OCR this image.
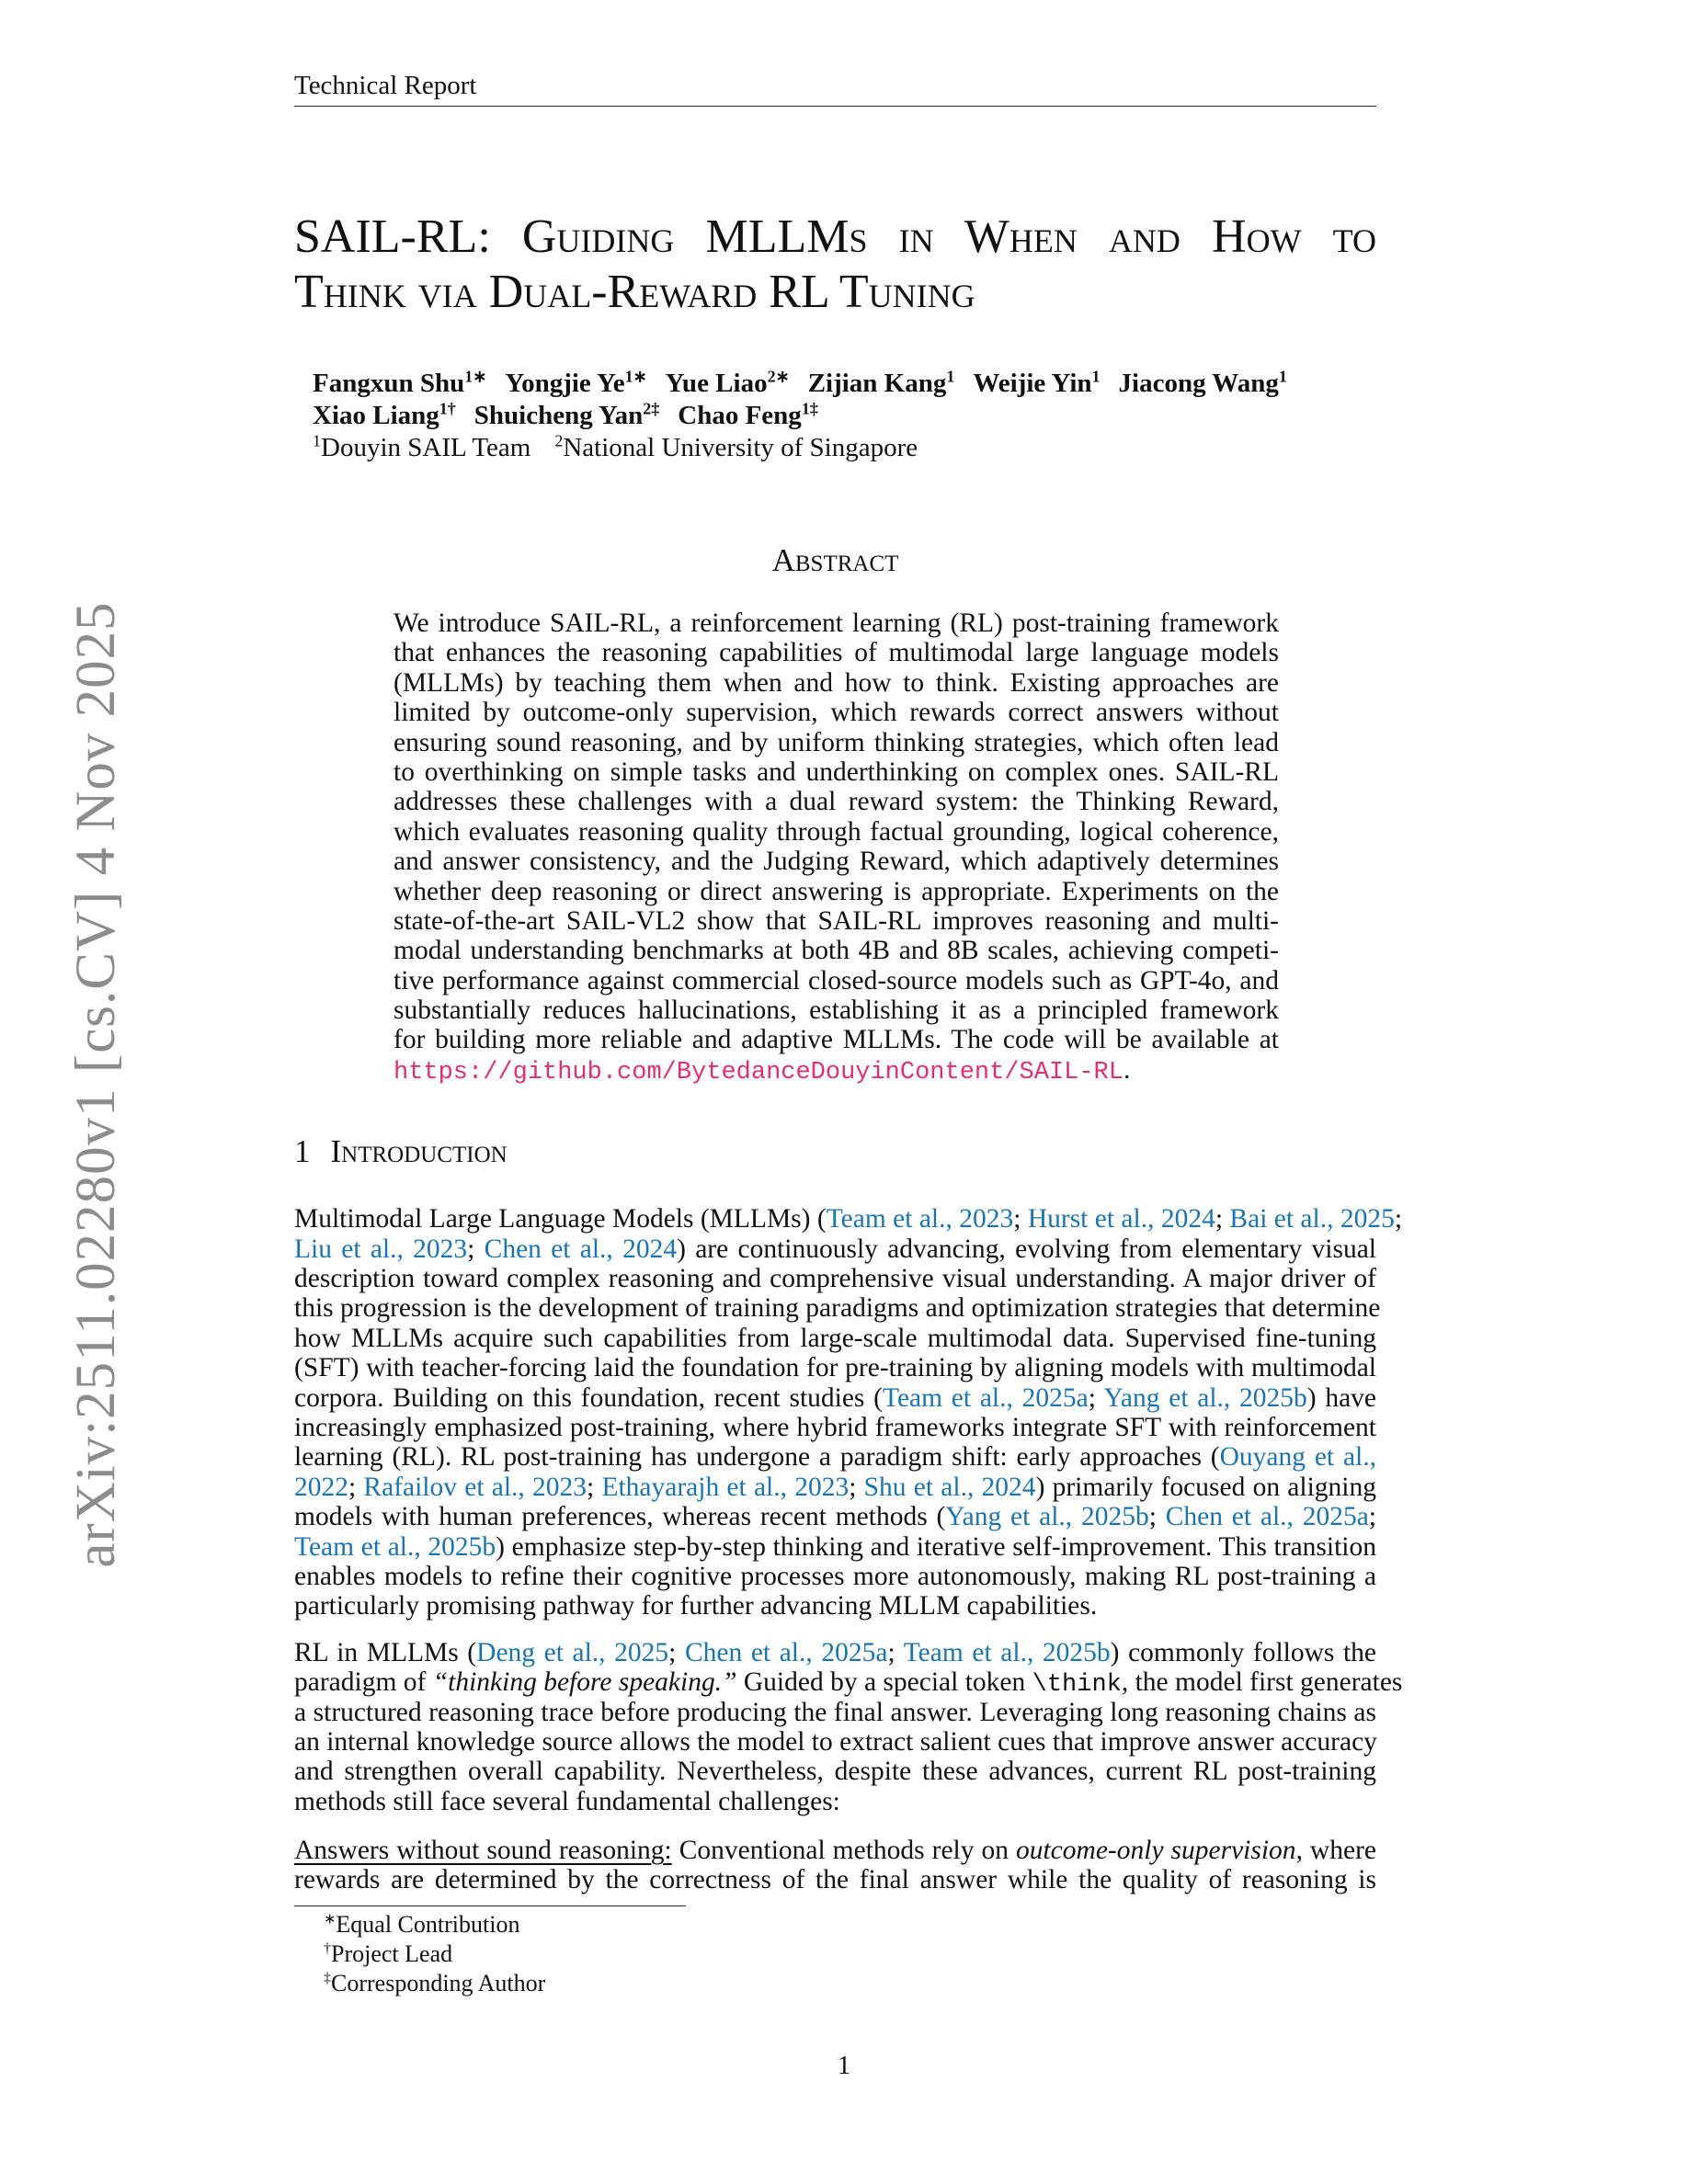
arXiv:2511.02280v1 [cs.CV] 4 Nov 2025
Technical Report
SAIL-RL: Guiding MLLMs in When and How to
Think via Dual-Reward RL Tuning
Fangxun Shu$^{1∗}$ Yongjie $Ye^{1∗}$ Yue Liao$^{2∗}$ Zijian Kang$^1$ Weijie Yin$^1$ Jiacong Wang$^1$
Xiao Liang$^{1\dagger}$ Shuicheng Yan$^{2\ddagger}$ Chao Feng$^{1\ddagger}$
$^1$Douyin SAIL Team $^2$National University of Singapore
Abstract
We introduce SAIL-RL, a reinforcement learning (RL) post-training framework
that enhances the reasoning capabilities of multimodal large language models
(MLLMs) by teaching them when and how to think. Existing approaches are
limited by outcome-only supervision, which rewards correct answers without
ensuring sound reasoning, and by uniform thinking strategies, which often lead
to overthinking on simple tasks and underthinking on complex ones. SAIL-RL
addresses these challenges with a dual reward system: the Thinking Reward,
which evaluates reasoning quality through factual grounding, logical coherence,
and answer consistency, and the Judging Reward, which adaptively determines
whether deep reasoning or direct answering is appropriate. Experiments on the
state-of-the-art SAIL-VL2 show that SAIL-RL improves reasoning and multi-
modal understanding benchmarks at both 4B and 8B scales, achieving competi-
tive performance against commercial closed-source models such as GPT-4o, and
substantially reduces hallucinations, establishing it as a principled framework
for building more reliable and adaptive MLLMs. The code will be available at
https://github.com/BytedanceDouyinContent/SAIL-RL.
1 Introduction
Multimodal Large Language Models (MLLMs) (Team et al., 2023; Hurst et al., 2024; Bai et al., 2025;
Liu et al., 2023; Chen et al., 2024) are continuously advancing, evolving from elementary visual
description toward complex reasoning and comprehensive visual understanding. A major driver of
this progression is the development of training paradigms and optimization strategies that determine
how MLLMs acquire such capabilities from large-scale multimodal data. Supervised fine-tuning
(SFT) with teacher-forcing laid the foundation for pre-training by aligning models with multimodal
corpora. Building on this foundation, recent studies (Team et al., 2025a; Yang et al., 2025b) have
increasingly emphasized post-training, where hybrid frameworks integrate SFT with reinforcement
learning (RL). RL post-training has undergone a paradigm shift: early approaches (Ouyang et al.,
2022; Rafailov et al., 2023; Ethayarajh et al., 2023; Shu et al., 2024) primarily focused on aligning
models with human preferences, whereas recent methods (Yang et al., 2025b; Chen et al., 2025a;
Team et al., 2025b) emphasize step-by-step thinking and iterative self-improvement. This transition
enables models to refine their cognitive processes more autonomously, making RL post-training a
particularly promising pathway for further advancing MLLM capabilities.
RL in MLLMs (Deng et al., 2025; Chen et al., 2025a; Team et al., 2025b) commonly follows the
paradigm of “thinking before speaking.” Guided by a special token \think, the model first generates
a structured reasoning trace before producing the final answer. Leveraging long reasoning chains as
an internal knowledge source allows the model to extract salient cues that improve answer accuracy
and strengthen overall capability. Nevertheless, despite these advances, current RL post-training
methods still face several fundamental challenges:
Answers without sound reasoning: Conventional methods rely on outcome-only supervision, where
rewards are determined by the correctness of the final answer while the quality of reasoning is
∗Equal Contribution
†Project Lead
‡Corresponding Author
1
